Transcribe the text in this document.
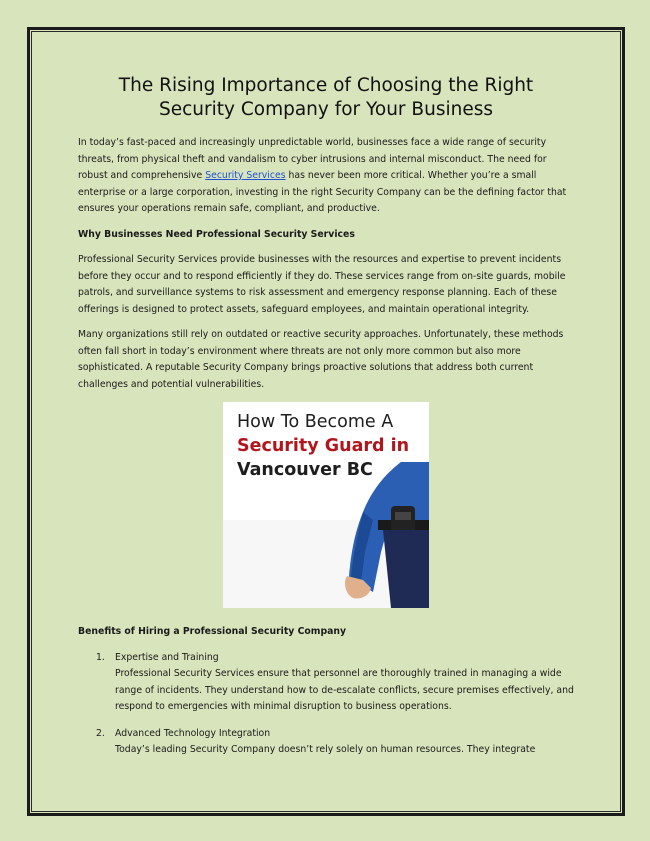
The Rising Importance of Choosing the Right Security Company for Your Business

In today’s fast-paced and increasingly unpredictable world, businesses face a wide range of security threats, from physical theft and vandalism to cyber intrusions and internal misconduct. The need for robust and comprehensive Security Services has never been more critical. Whether you’re a small enterprise or a large corporation, investing in the right Security Company can be the defining factor that ensures your operations remain safe, compliant, and productive.

Why Businesses Need Professional Security Services

Professional Security Services provide businesses with the resources and expertise to prevent incidents before they occur and to respond efficiently if they do. These services range from on-site guards, mobile patrols, and surveillance systems to risk assessment and emergency response planning. Each of these offerings is designed to protect assets, safeguard employees, and maintain operational integrity.

Many organizations still rely on outdated or reactive security approaches. Unfortunately, these methods often fall short in today’s environment where threats are not only more common but also more sophisticated. A reputable Security Company brings proactive solutions that address both current challenges and potential vulnerabilities.

How To Become A
Security Guard in
Vancouver BC

Benefits of Hiring a Professional Security Company

1. Expertise and Training
Professional Security Services ensure that personnel are thoroughly trained in managing a wide range of incidents. They understand how to de-escalate conflicts, secure premises effectively, and respond to emergencies with minimal disruption to business operations.
2. Advanced Technology Integration
Today’s leading Security Company doesn’t rely solely on human resources. They integrate
